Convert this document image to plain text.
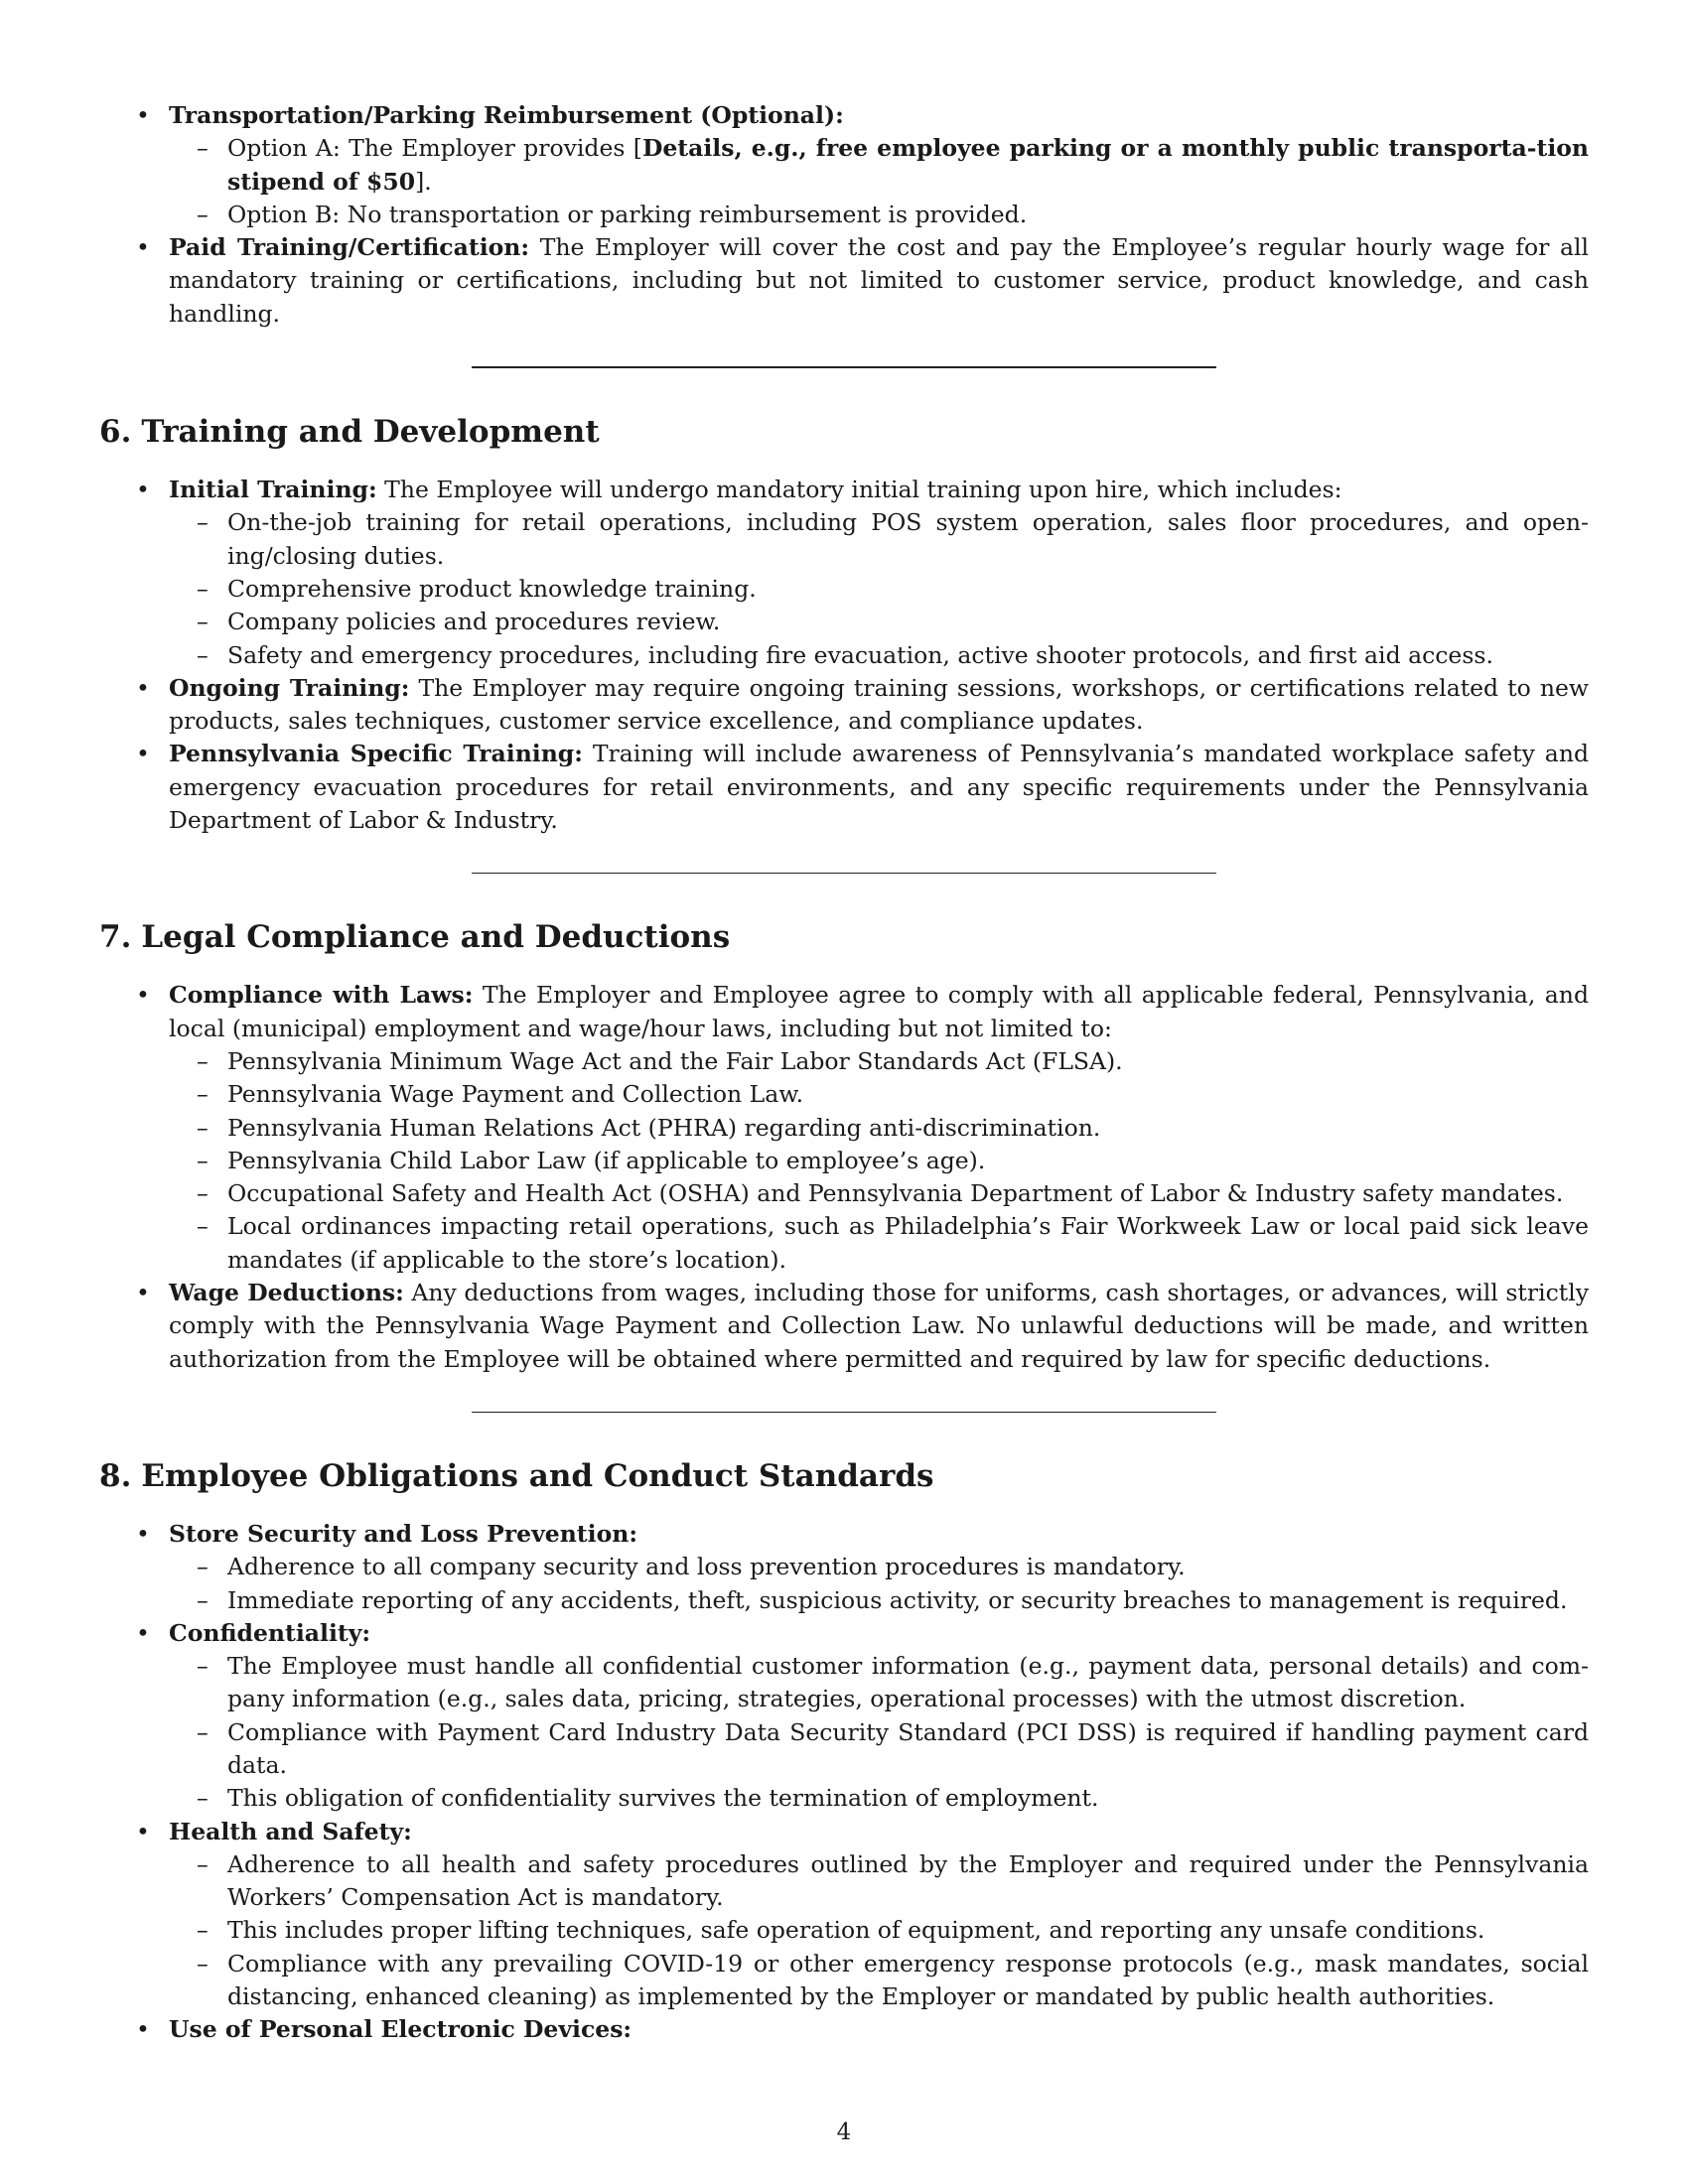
• Transportation/Parking Reimbursement (Optional):
– Option A: The Employer provides [Details, e.g., free employee parking or a monthly public transporta-tion stipend of $50].
– Option B: No transportation or parking reimbursement is provided.
• Paid Training/Certification: The Employer will cover the cost and pay the Employee’s regular hourly wage for all mandatory training or certifications, including but not limited to customer service, product knowledge, and cash handling.
6. Training and Development
• Initial Training: The Employee will undergo mandatory initial training upon hire, which includes:
– On-the-job training for retail operations, including POS system operation, sales floor procedures, and open-ing/closing duties.
– Comprehensive product knowledge training.
– Company policies and procedures review.
– Safety and emergency procedures, including fire evacuation, active shooter protocols, and first aid access.
• Ongoing Training: The Employer may require ongoing training sessions, workshops, or certifications related to new products, sales techniques, customer service excellence, and compliance updates.
• Pennsylvania Specific Training: Training will include awareness of Pennsylvania’s mandated workplace safety and emergency evacuation procedures for retail environments, and any specific requirements under the Pennsylvania Department of Labor & Industry.
7. Legal Compliance and Deductions
• Compliance with Laws: The Employer and Employee agree to comply with all applicable federal, Pennsylvania, and local (municipal) employment and wage/hour laws, including but not limited to:
– Pennsylvania Minimum Wage Act and the Fair Labor Standards Act (FLSA).
– Pennsylvania Wage Payment and Collection Law.
– Pennsylvania Human Relations Act (PHRA) regarding anti-discrimination.
– Pennsylvania Child Labor Law (if applicable to employee’s age).
– Occupational Safety and Health Act (OSHA) and Pennsylvania Department of Labor & Industry safety mandates.
– Local ordinances impacting retail operations, such as Philadelphia’s Fair Workweek Law or local paid sick leave mandates (if applicable to the store’s location).
• Wage Deductions: Any deductions from wages, including those for uniforms, cash shortages, or advances, will strictly comply with the Pennsylvania Wage Payment and Collection Law. No unlawful deductions will be made, and written authorization from the Employee will be obtained where permitted and required by law for specific deductions.
8. Employee Obligations and Conduct Standards
• Store Security and Loss Prevention:
– Adherence to all company security and loss prevention procedures is mandatory.
– Immediate reporting of any accidents, theft, suspicious activity, or security breaches to management is required.
• Confidentiality:
– The Employee must handle all confidential customer information (e.g., payment data, personal details) and com-pany information (e.g., sales data, pricing, strategies, operational processes) with the utmost discretion.
– Compliance with Payment Card Industry Data Security Standard (PCI DSS) is required if handling payment card data.
– This obligation of confidentiality survives the termination of employment.
• Health and Safety:
– Adherence to all health and safety procedures outlined by the Employer and required under the Pennsylvania Workers’ Compensation Act is mandatory.
– This includes proper lifting techniques, safe operation of equipment, and reporting any unsafe conditions.
– Compliance with any prevailing COVID-19 or other emergency response protocols (e.g., mask mandates, social distancing, enhanced cleaning) as implemented by the Employer or mandated by public health authorities.
• Use of Personal Electronic Devices:
4
